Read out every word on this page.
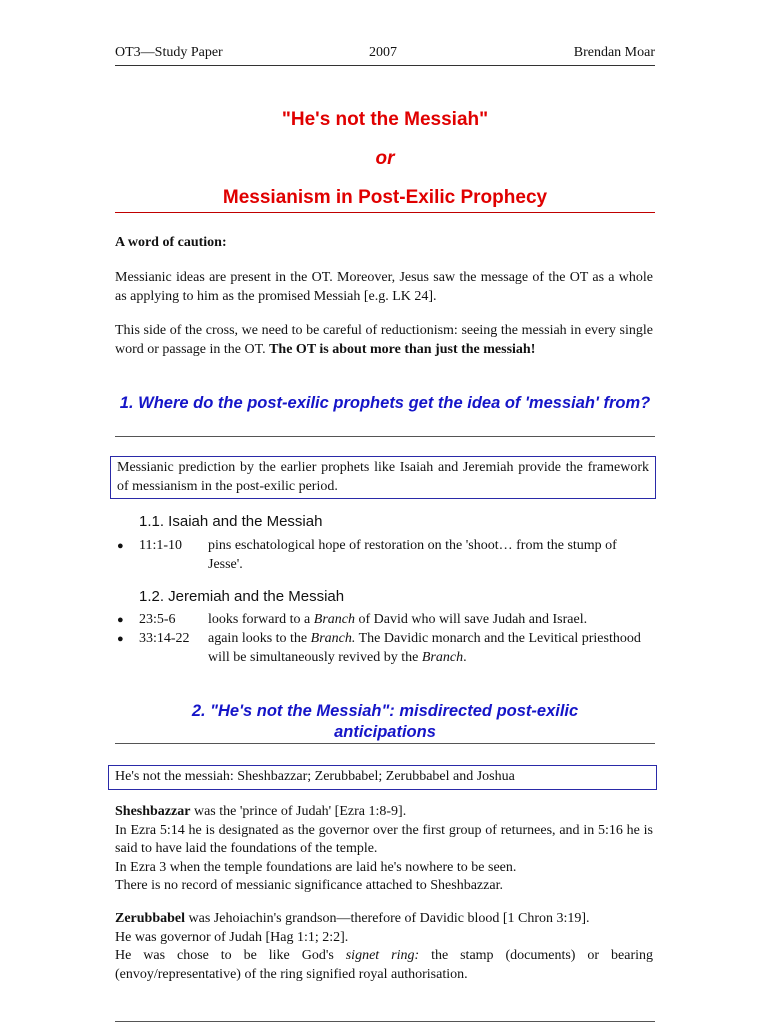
OT3—Study Paper	2007	Brendan Moar
"He's not the Messiah"
or
Messianism in Post-Exilic Prophecy
A word of caution:
Messianic ideas are present in the OT. Moreover, Jesus saw the message of the OT as a whole as applying to him as the promised Messiah [e.g. LK 24].
This side of the cross, we need to be careful of reductionism: seeing the messiah in every single word or passage in the OT. The OT is about more than just the messiah!
1. Where do the post-exilic prophets get the idea of 'messiah' from?
Messianic prediction by the earlier prophets like Isaiah and Jeremiah provide the framework of messianism in the post-exilic period.
1.1. Isaiah and the Messiah
● 11:1-10 pins eschatological hope of restoration on the 'shoot… from the stump of Jesse'.
1.2. Jeremiah and the Messiah
● 23:5-6 looks forward to a Branch of David who will save Judah and Israel.
● 33:14-22 again looks to the Branch. The Davidic monarch and the Levitical priesthood will be simultaneously revived by the Branch.
2. "He's not the Messiah": misdirected post-exilic anticipations
He's not the messiah: Sheshbazzar; Zerubbabel; Zerubbabel and Joshua
Sheshbazzar was the 'prince of Judah' [Ezra 1:8-9].

In Ezra 5:14 he is designated as the governor over the first group of returnees, and in 5:16 he is said to have laid the foundations of the temple.
In Ezra 3 when the temple foundations are laid he's nowhere to be seen.
There is no record of messianic significance attached to Sheshbazzar.
Zerubbabel was Jehoiachin's grandson—therefore of Davidic blood [1 Chron 3:19].
He was governor of Judah [Hag 1:1; 2:2].

He was chose to be like God's signet ring: the stamp (documents) or bearing (envoy/representative) of the ring signified royal authorisation.
